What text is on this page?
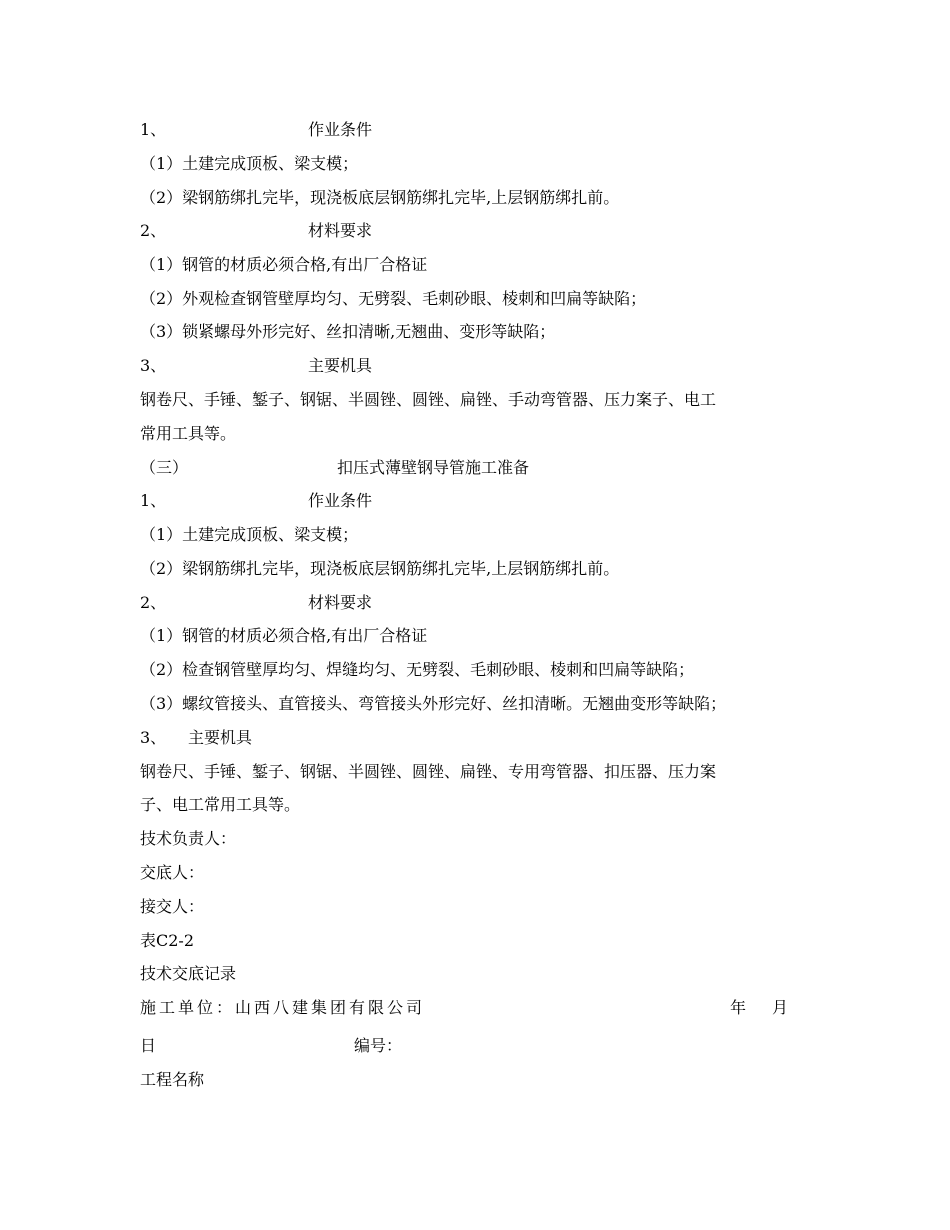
1、	作业条件
（1）土建完成顶板、梁支模；
（2）梁钢筋绑扎完毕，现浇板底层钢筋绑扎完毕,上层钢筋绑扎前。
2、	材料要求
（1）钢管的材质必须合格,有出厂合格证
（2）外观检查钢管壁厚均匀、无劈裂、毛刺砂眼、棱刺和凹扁等缺陷；
（3）锁紧螺母外形完好、丝扣清晰,无翘曲、变形等缺陷；
3、	主要机具
钢卷尺、手锤、錾子、钢锯、半圆锉、圆锉、扁锉、手动弯管器、压力案子、电工
常用工具等。
（三）	扣压式薄壁钢导管施工准备
1、	作业条件
（1）土建完成顶板、梁支模；
（2）梁钢筋绑扎完毕，现浇板底层钢筋绑扎完毕,上层钢筋绑扎前。
2、	材料要求
（1）钢管的材质必须合格,有出厂合格证
（2）检查钢管壁厚均匀、焊缝均匀、无劈裂、毛刺砂眼、棱刺和凹扁等缺陷；
（3）螺纹管接头、直管接头、弯管接头外形完好、丝扣清晰。无翘曲变形等缺陷；
3、 主要机具
钢卷尺、手锤、錾子、钢锯、半圆锉、圆锉、扁锉、专用弯管器、扣压器、压力案
子、电工常用工具等。
技术负责人：
交底人：
接交人：
表C2-2
技术交底记录
施工单位：山西八建集团有限公司	年 月
日	编号：
工程名称
